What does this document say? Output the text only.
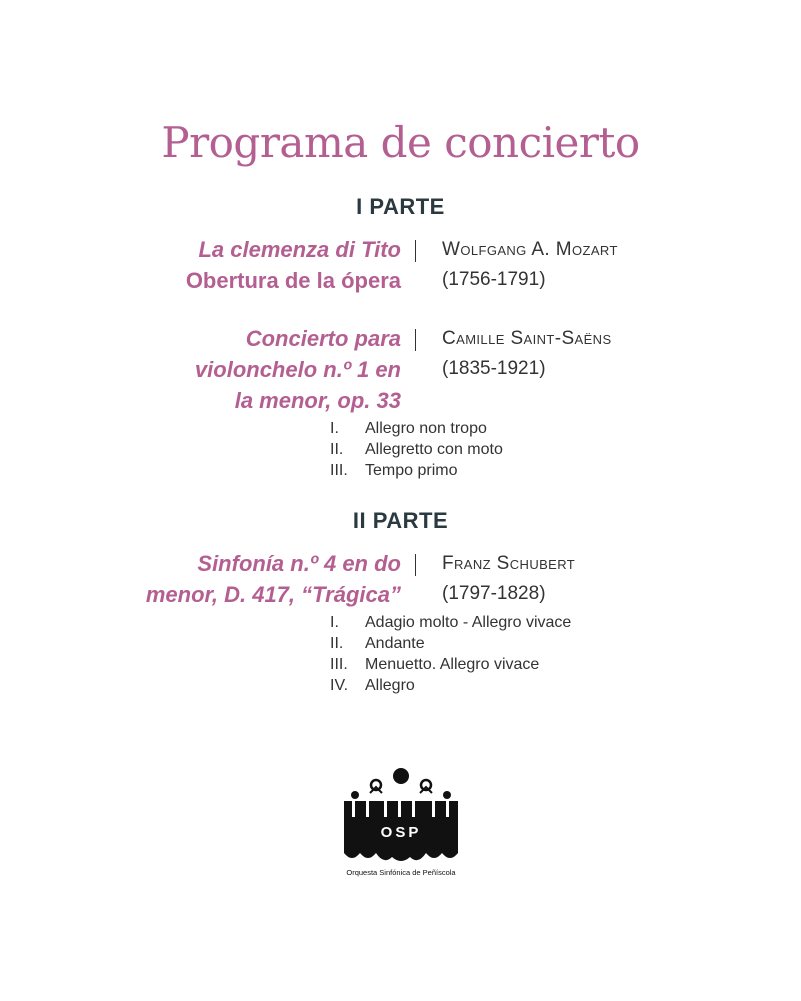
Programa de concierto
I PARTE
La clemenza di Tito
Obertura de la ópera
Wolfgang A. Mozart
(1756-1791)
Concierto para
violonchelo n.º 1 en
la menor, op. 33
Camille Saint-Saëns
(1835-1921)
I. Allegro non tropo
II. Allegretto con moto
III. Tempo primo
II PARTE
Sinfonía n.º 4 en do
menor, D. 417, “Trágica”
Franz Schubert
(1797-1828)
I. Adagio molto - Allegro vivace
II. Andante
III. Menuetto. Allegro vivace
IV. Allegro
OSP
Orquesta Sinfónica de Peñíscola
